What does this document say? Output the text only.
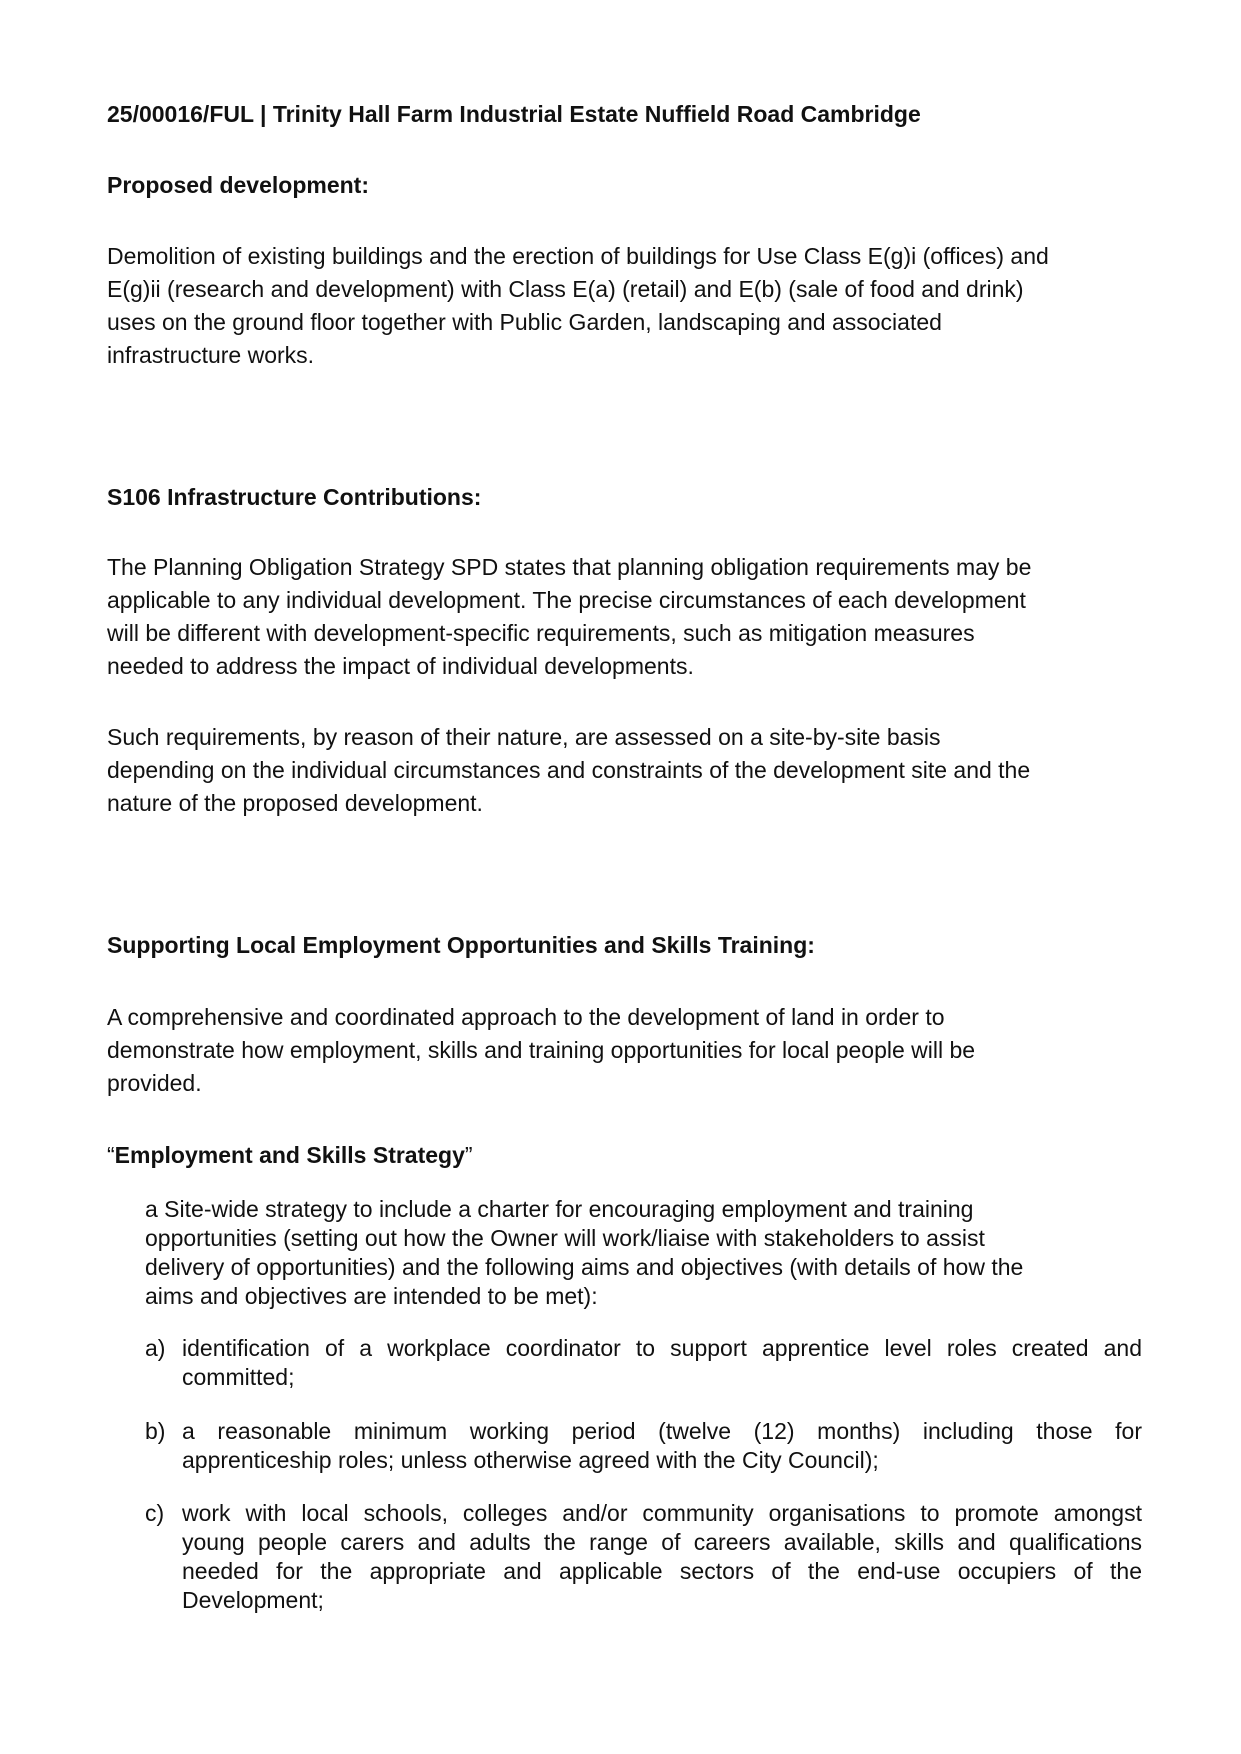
25/00016/FUL | Trinity Hall Farm Industrial Estate Nuffield Road Cambridge
Proposed development:
Demolition of existing buildings and the erection of buildings for Use Class E(g)i (offices) and
E(g)ii (research and development) with Class E(a) (retail) and E(b) (sale of food and drink)
uses on the ground floor together with Public Garden, landscaping and associated
infrastructure works.
S106 Infrastructure Contributions:
The Planning Obligation Strategy SPD states that planning obligation requirements may be
applicable to any individual development. The precise circumstances of each development
will be different with development-specific requirements, such as mitigation measures
needed to address the impact of individual developments.
Such requirements, by reason of their nature, are assessed on a site-by-site basis
depending on the individual circumstances and constraints of the development site and the
nature of the proposed development.
Supporting Local Employment Opportunities and Skills Training:
A comprehensive and coordinated approach to the development of land in order to
demonstrate how employment, skills and training opportunities for local people will be
provided.
“Employment and Skills Strategy”
a Site-wide strategy to include a charter for encouraging employment and training
opportunities (setting out how the Owner will work/liaise with stakeholders to assist
delivery of opportunities) and the following aims and objectives (with details of how the
aims and objectives are intended to be met):
a) identification of a workplace coordinator to support apprentice level roles created and
committed;
b) a reasonable minimum working period (twelve (12) months) including those for
apprenticeship roles; unless otherwise agreed with the City Council);
c) work with local schools, colleges and/or community organisations to promote amongst
young people carers and adults the range of careers available, skills and qualifications
needed for the appropriate and applicable sectors of the end-use occupiers of the
Development;
